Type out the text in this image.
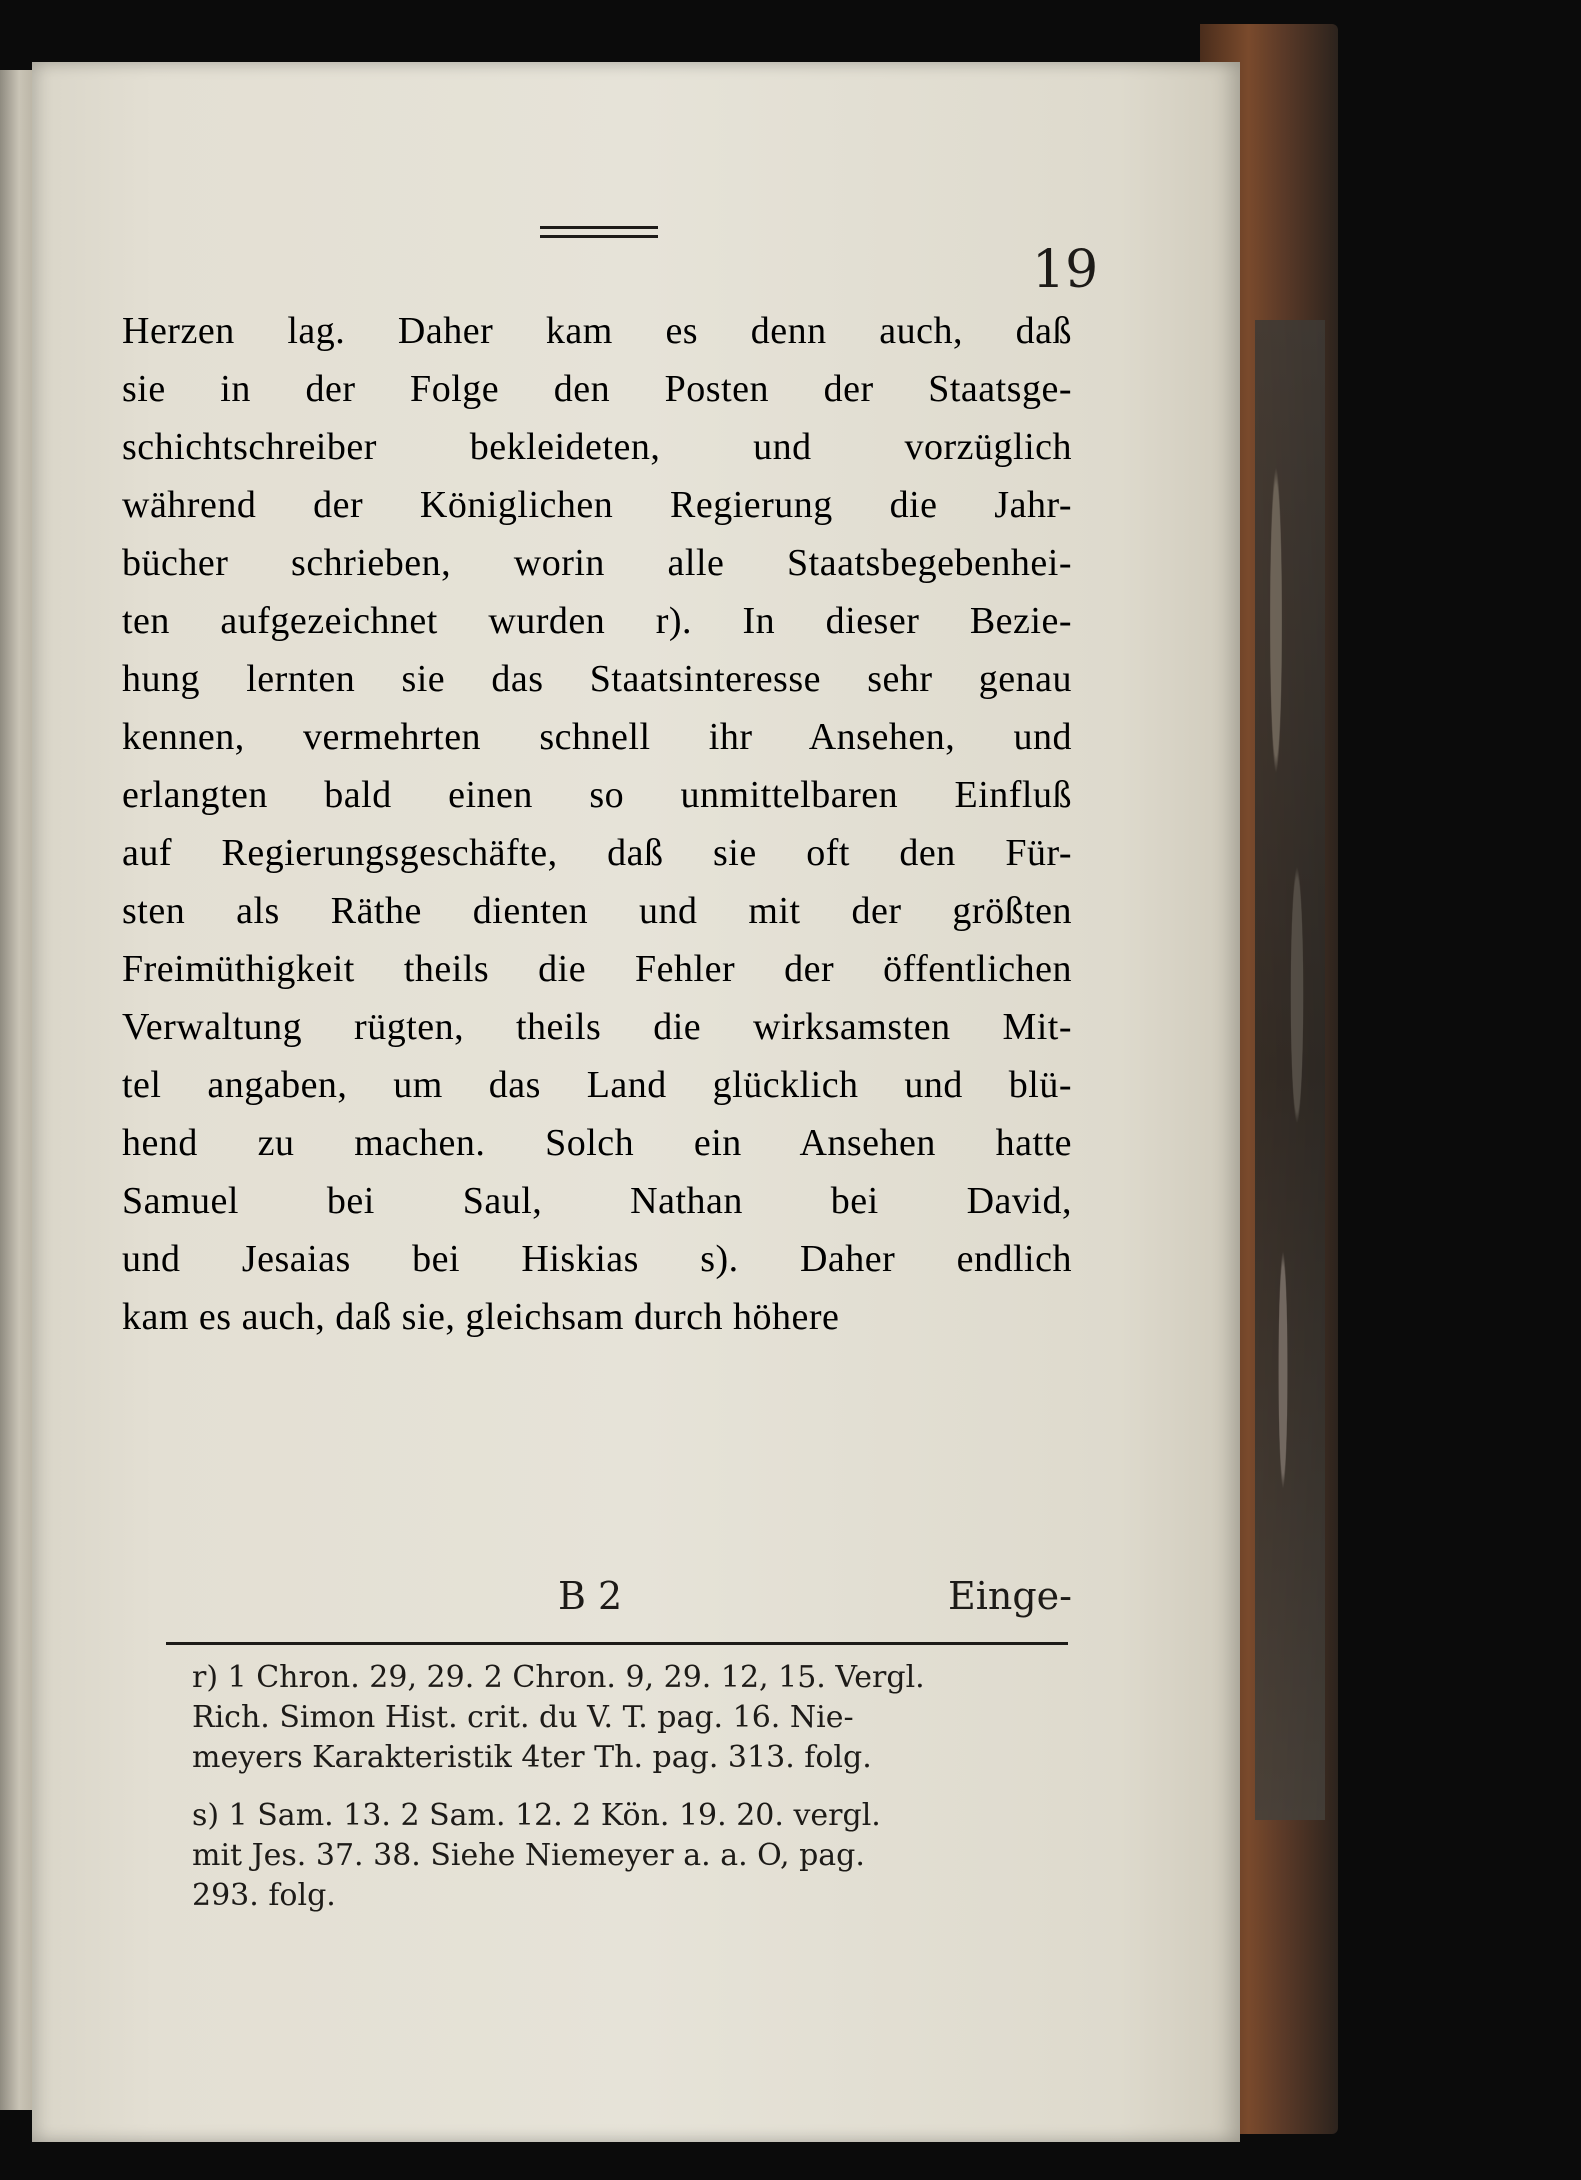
19
Herzen lag. Daher kam es denn auch, daß
sie in der Folge den Posten der Staatsge-
schichtschreiber bekleideten, und vorzüglich
während der Königlichen Regierung die Jahr-
bücher schrieben, worin alle Staatsbegebenhei-
ten aufgezeichnet wurden r). In dieser Bezie-
hung lernten sie das Staatsinteresse sehr genau
kennen, vermehrten schnell ihr Ansehen, und
erlangten bald einen so unmittelbaren Einfluß
auf Regierungsgeschäfte, daß sie oft den Für-
sten als Räthe dienten und mit der größten
Freimüthigkeit theils die Fehler der öffentlichen
Verwaltung rügten, theils die wirksamsten Mit-
tel angaben, um das Land glücklich und blü-
hend zu machen. Solch ein Ansehen hatte
Samuel bei Saul, Nathan bei David,
und Jesaias bei Hiskias s). Daher endlich
kam es auch, daß sie, gleichsam durch höhere
B 2	Einge-
r) 1 Chron. 29, 29. 2 Chron. 9, 29. 12, 15. Vergl.
Rich. Simon Hist. crit. du V. T. pag. 16. Nie-
meyers Karakteristik 4ter Th. pag. 313. folg.
s) 1 Sam. 13. 2 Sam. 12. 2 Kön. 19. 20. vergl.
mit Jes. 37. 38. Siehe Niemeyer a. a. O, pag.
293. folg.
